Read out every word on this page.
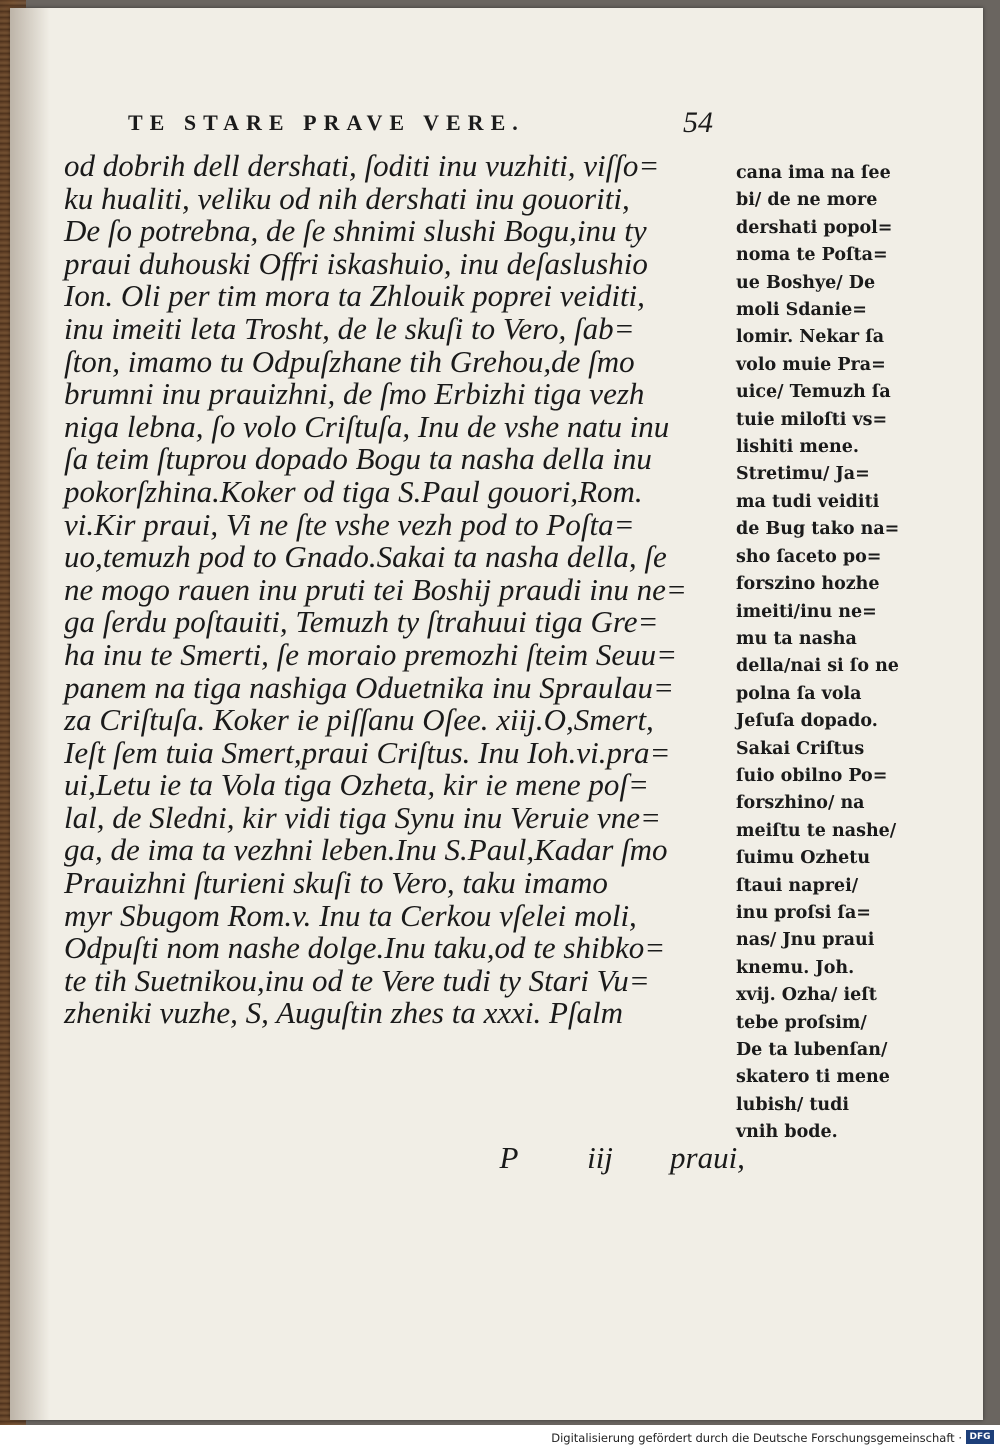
TE STARE PRAVE VERE.	54
od dobrih dell dershati, ſoditi inu vuzhiti, viſſo=
ku hualiti, veliku od nih dershati inu gouoriti,
De ſo potrebna, de ſe shnimi slushi Bogu,inu ty
praui duhouski Offri iskashuio, inu deſaslushio
Ion. Oli per tim mora ta Zhlouik poprei veiditi,
inu imeiti leta Trosht, de le skuſi to Vero, ſab=
ſton, imamo tu Odpuſzhane tih Grehou,de ſmo
brumni inu prauizhni, de ſmo Erbizhi tiga vezh
niga lebna, ſo volo Criſtuſa, Inu de vshe natu inu
ſa teim ſtuprou dopado Bogu ta nasha della inu
pokorſzhina.Koker od tiga S.Paul gouori,Rom.
vi.Kir praui, Vi ne ſte vshe vezh pod to Poſta=
uo,temuzh pod to Gnado.Sakai ta nasha della, ſe
ne mogo rauen inu pruti tei Boshij praudi inu ne=
ga ſerdu poſtauiti, Temuzh ty ſtrahuui tiga Gre=
ha inu te Smerti, ſe moraio premozhi ſteim Seuu=
panem na tiga nashiga Oduetnika inu Spraulau=
za Criſtuſa. Koker ie piſſanu Oſee. xiij.O,Smert,
Ieſt ſem tuia Smert,praui Criſtus. Inu Ioh.vi.pra=
ui,Letu ie ta Vola tiga Ozheta, kir ie mene poſ=
lal, de Sledni, kir vidi tiga Synu inu Veruie vne=
ga, de ima ta vezhni leben.Inu S.Paul,Kadar ſmo
Prauizhni ſturieni skuſi to Vero, taku imamo
myr Sbugom Rom.v. Inu ta Cerkou vſelei moli,
Odpuſti nom nashe dolge.Inu taku,od te shibko=
te tih Suetnikou,inu od te Vere tudi ty Stari Vu=
zheniki vuzhe, S, Auguſtin zhes ta xxxi. Pſalm
cana ima na ſee
bi/ de ne more
dershati popol=
noma te Poſta=
ue Boshye/ De
moli Sdanie=
lomir. Nekar ſa
volo muie Pra=
uice/ Temuzh ſa
tuie miloſti vs=
lishiti mene.
Stretimu/ Ja=
ma tudi veiditi
de Bug tako na=
sho ſaceto po=
forszino hozhe
imeiti/inu ne=
mu ta nasha
della/nai si ſo ne
polna ſa vola
Jeſuſa dopado.
Sakai Criſtus
ſuio obilno Po=
forszhino/ na
meiſtu te nashe/
ſuimu Ozhetu
ſtaui naprei/
inu proſsi ſa=
nas/ Jnu praui
knemu. Joh.
xvij. Ozha/ ieſt
tebe proſsim/
De ta lubenſan/
skatero ti mene
lubish/ tudi
vnih bode.
P iij praui,
Digitalisierung gefördert durch die Deutsche Forschungsgemeinschaft · DFG
